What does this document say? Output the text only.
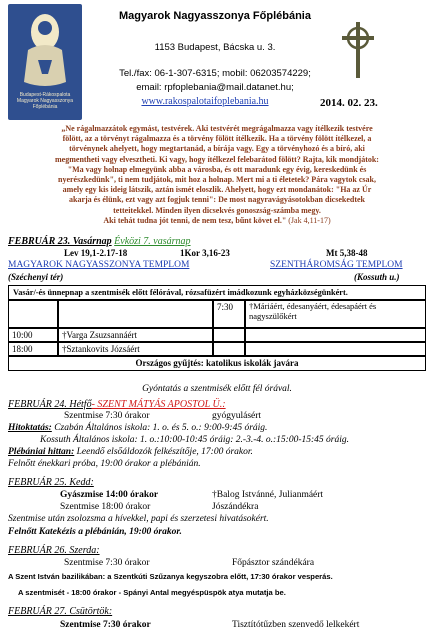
Budapest-Rákospalota Magyarok Nagyasszonya Főplébánia
Magyarok Nagyasszonya Főplébánia
1153 Budapest, Bácska u. 3.
Tel./fax: 06-1-307-6315; mobil: 06203574229;
email: rpfoplebania@mail.datanet.hu;
www.rakospalotaifoplebania.hu	2014. 02. 23.
„Ne rágalmazzátok egymást, testvérek. Aki testvérét megrágalmazza vagy ítélkezik testvére
fölött, az a törvényt rágalmazza és a törvény fölött ítélkezik. Ha a törvény fölött ítélkezel, a
törvénynek ahelyett, hogy megtartanád, a bírája vagy. Egy a törvényhozó és a bíró, aki
megmentheti vagy elvesztheti. Ki vagy, hogy ítélkezel felebarátod fölött? Rajta, kik mondjátok:
"Ma vagy holnap elmegyünk abba a városba, és ott maradunk egy évig, kereskedünk és
nyerészkedünk", ti nem tudjátok, mit hoz a holnap. Mert mi a ti életetek? Pára vagytok csak,
amely egy kis ideig látszik, aztán ismét eloszlik. Ahelyett, hogy ezt mondanátok: "Ha az Úr
akarja és élünk, ezt vagy azt fogjuk tenni": De most nagyravágyásotokban dicsekedtek
tetteitekkel. Minden ilyen dicsekvés gonoszság-számba megy.
Aki tehát tudna jót tenni, de nem tesz, bűnt követ el." (Jak 4,11-17)
FEBRUÁR 23. Vasárnap Évközi 7. vasárnap
Lev 19,1-2.17-18	1Kor 3,16-23	Mt 5,38-48
MAGYAROK NAGYASSZONYA TEMPLOM	SZENTHÁROMSÁG TEMPLOM
(Széchenyi tér)	(Kossuth u.)
Vasár/-és ünnepnap a szentmisék előtt félórával, rózsafüzért imádkozunk egyházközségünkért.
7:30	†Máriáért, édesanyáért, édesapáért és nagyszülőkért
10:00	†Varga Zsuzsannáért
18:00	†Sztankovits Józsáért
Országos gyűjtés: katolikus iskolák javára
Gyóntatás a szentmisék előtt fél órával.
FEBRUÁR 24. Hétfő- SZENT MÁTYÁS APOSTOL Ü.:
Szentmise 7:30 órakor	gyógyulásért
Hitoktatás: Czabán Általános iskola: 1. o. és 5. o.: 9:00-9:45 óráig.
Kossuth Általános iskola: 1. o.:10:00-10:45 óráig: 2.-3.-4. o.:15:00-15:45 óráig.
Plébániai hittan: Leendő elsőáldozók felkészítője, 17:00 órakor.
Felnőtt énekkari próba, 19:00 órakor a plébánián.
FEBRUÁR 25. Kedd:
Gyászmise 14:00 órakor	†Balog Istvánné, Julianmáért
Szentmise 18:00 órakor	Jószándékra
Szentmise után zsolozsma a hívekkel, papi és szerzetesi hivatásokért.
Felnőtt Katekézis a plébánián, 19:00 órakor.
FEBRUÁR 26. Szerda:
Szentmise 7:30 órakor	Főpásztor szándékára
A Szent István bazilikában: a Szentkúti Szűzanya kegyszobra előtt, 17:30 órakor vesperás.
A szentmisét - 18:00 órakor - Spányi Antal megyéspüspök atya mutatja be.
FEBRUÁR 27. Csütörtök:
Szentmise 7:30 órakor	Tisztítótűzben szenvedő lelkekért
